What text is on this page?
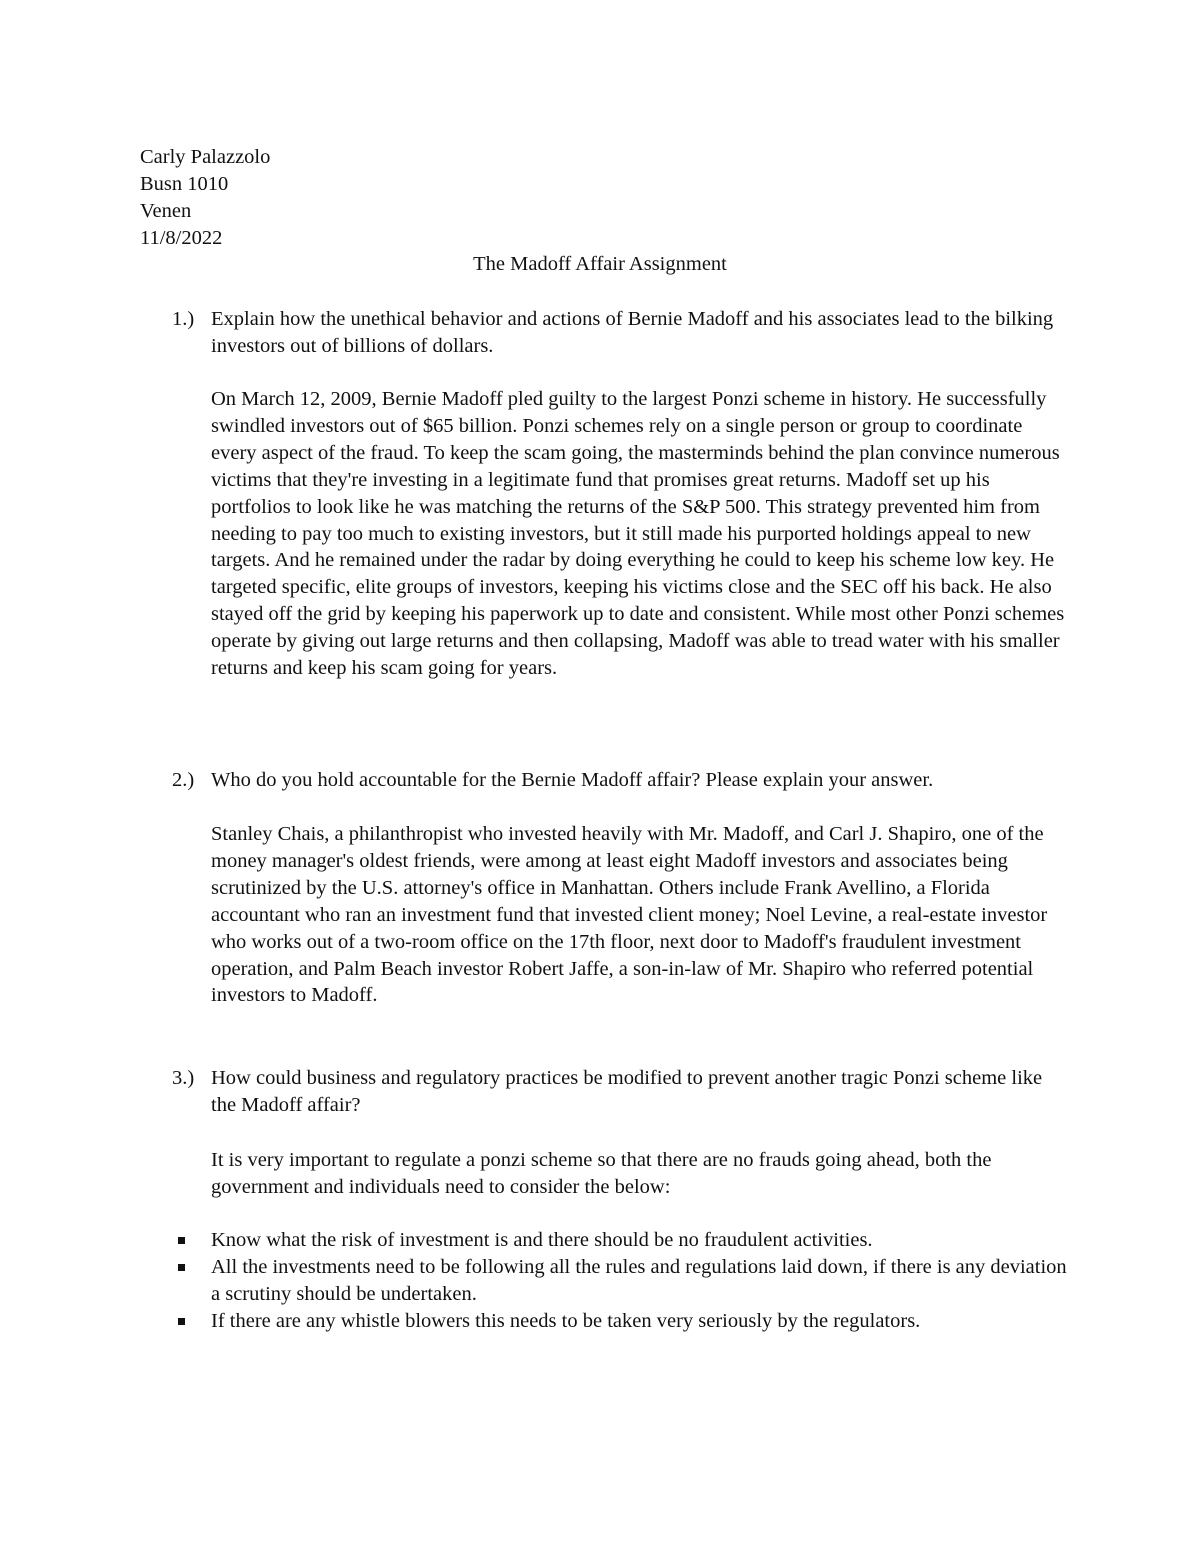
Carly Palazzolo
Busn 1010
Venen
11/8/2022
The Madoff Affair Assignment
1.) Explain how the unethical behavior and actions of Bernie Madoff and his associates lead to the bilking investors out of billions of dollars.
On March 12, 2009, Bernie Madoff pled guilty to the largest Ponzi scheme in history. He successfully swindled investors out of $65 billion. Ponzi schemes rely on a single person or group to coordinate every aspect of the fraud. To keep the scam going, the masterminds behind the plan convince numerous victims that they're investing in a legitimate fund that promises great returns. Madoff set up his portfolios to look like he was matching the returns of the S&P 500. This strategy prevented him from needing to pay too much to existing investors, but it still made his purported holdings appeal to new targets. And he remained under the radar by doing everything he could to keep his scheme low key. He targeted specific, elite groups of investors, keeping his victims close and the SEC off his back. He also stayed off the grid by keeping his paperwork up to date and consistent. While most other Ponzi schemes operate by giving out large returns and then collapsing, Madoff was able to tread water with his smaller returns and keep his scam going for years.
2.) Who do you hold accountable for the Bernie Madoff affair? Please explain your answer.
Stanley Chais, a philanthropist who invested heavily with Mr. Madoff, and Carl J. Shapiro, one of the money manager's oldest friends, were among at least eight Madoff investors and associates being scrutinized by the U.S. attorney's office in Manhattan. Others include Frank Avellino, a Florida accountant who ran an investment fund that invested client money; Noel Levine, a real-estate investor who works out of a two-room office on the 17th floor, next door to Madoff's fraudulent investment operation, and Palm Beach investor Robert Jaffe, a son-in-law of Mr. Shapiro who referred potential investors to Madoff.
3.) How could business and regulatory practices be modified to prevent another tragic Ponzi scheme like the Madoff affair?
It is very important to regulate a ponzi scheme so that there are no frauds going ahead, both the government and individuals need to consider the below:
Know what the risk of investment is and there should be no fraudulent activities.
All the investments need to be following all the rules and regulations laid down, if there is any deviation a scrutiny should be undertaken.
If there are any whistle blowers this needs to be taken very seriously by the regulators.
